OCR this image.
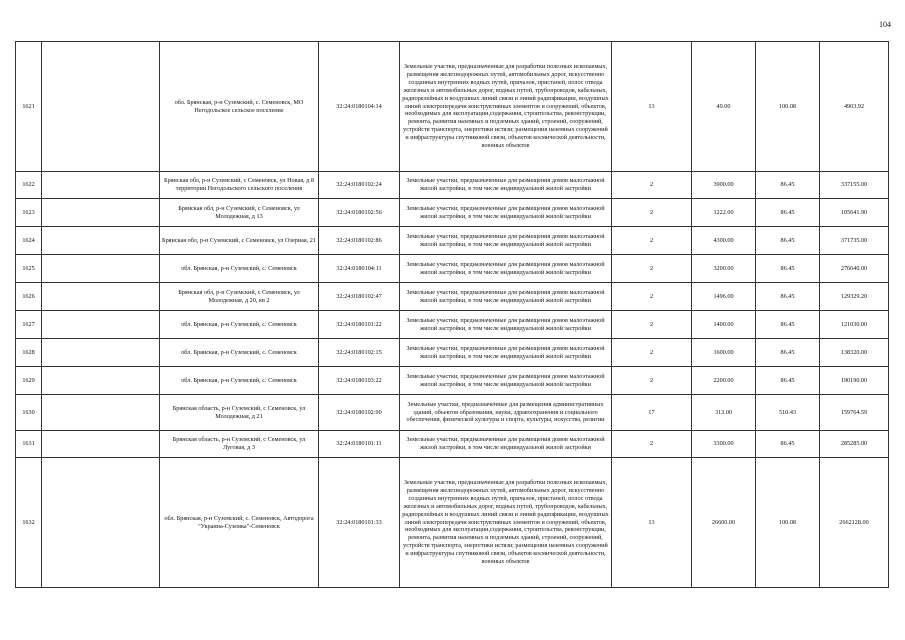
104
1621		обл. Брянская, р-н Суземский, с. Семеновск, МО Негодольское сельское поселение	32:24:0180104:14	Земельные участки, предназначенные для разработки полезных ископаемых, размещения железнодорожных путей, автомобильных дорог, искусственно созданных внутренних водных путей, причалов, пристаней, полос отвода железных и автомобильных дорог, водных путей, трубопроводов, кабельных, радиорелейных и воздушных линий связи и линий радиофикации, воздушных линий электропередачи конструктивных элементов и сооружений, объектов, необходимых для эксплуатации,содержания, строительства, реконструкции, ремонта, развития наземных и подземных зданий, строений, сооружений, устройств транспорта, энергетики истязи; размещения наземных сооружений и инфраструктуры спутниковой связи, объектов космической деятельности, военных объектов	13	49.00	100.08	4903.92
1622		Брянская обл, р-н Суземский, с Семеновск, ул Новая, д 8 территории Негодольского сельского поселения	32:24:0180102:24	Земельные участки, предназначенные для размещения домов малоэтажной жилой застройки, в том числе индивидуальной жилой застройки	2	3900.00	86.45	337155.00
1623		Брянская обл, р-н Суземский, с Семеновск, ул Молодежная, д 13	32:24:0180102:56	Земельные участки, предназначенные для размещения домов малоэтажной жилой застройки, в том числе индивидуальной жилой застройки	2	1222.00	86.45	105641.90
1624		Брянская обл, р-н Суземский, с Семеновск, ул Озерная, 21	32:24:0180102:86	Земельные участки, предназначенные для размещения домов малоэтажной жилой застройки, в том числе индивидуальной жилой застройки	2	4300.00	86.45	371735.00
1625		обл. Брянская, р-н Суземский, с. Семеновск	32:24:0180104:11	Земельные участки, предназначенные для размещения домов малоэтажной жилой застройки, в том числе индивидуальной жилой застройки	2	3200.00	86.45	276640.00
1626		Брянская обл, р-н Суземский, с Семеновск, ул Молодежная, д 20, кв 2	32:24:0180102:47	Земельные участки, предназначенные для размещения домов малоэтажной жилой застройки, в том числе индивидуальной жилой застройки	2	1496.00	86.45	129329.20
1627		обл. Брянская, р-н Суземский, с. Семеновск	32:24:0180101:22	Земельные участки, предназначенные для размещения домов малоэтажной жилой застройки, в том числе индивидуальной жилой застройки	2	1400.00	86.45	121030.00
1628		обл. Брянская, р-н Суземский, с. Семеновск	32:24:0180102:15	Земельные участки, предназначенные для размещения домов малоэтажной жилой застройки, в том числе индивидуальной жилой застройки	2	1600.00	86.45	138320.00
1629		обл. Брянская, р-н Суземский, с. Семеновск	32:24:0180103:22	Земельные участки, предназначенные для размещения домов малоэтажной жилой застройки, в том числе индивидуальной жилой застройки	2	2200.00	86.45	190190.00
1630		Брянская область, р-н Суземский, с Семеновск, ул Молодежная, д 21	32:24:0180102:90	Земельные участки, предназначенные для размещения административных зданий, объектов образования, науки, здравоохранения и социального обеспечения, физической культуры и спорта, культуры, искусства, религии	17	313.00	510.43	159764.59
1631		Брянская область, р-н Суземский, с Семеновск, ул Луговая, д 3	32:24:0180101:11	Земельные участки, предназначенные для размещения домов малоэтажной жилой застройки, в том числе индивидуальной жилой застройки	2	3300.00	86.45	285285.00
1632		обл. Брянская, р-н Суземский, с. Семеновск, Автодорога "Украина-Суземка"-Семеновск	32:24:0180101:33	Земельные участки, предназначенные для разработки полезных ископаемых, размещения железнодорожных путей, автомобильных дорог, искусственно созданных внутренних водных путей, причалов, пристаней, полос отвода железных и автомобильных дорог, водных путей, трубопроводов, кабельных, радиорелейных и воздушных линий связи и линий радиофикации, воздушных линий электропередачи конструктивных элементов и сооружений, объектов, необходимых для эксплуатации,содержания, строительства, реконструкции, ремонта, развития наземных и подземных зданий, строений, сооружений, устройств транспорта, энергетики истязи; размещения наземных сооружений и инфраструктуры спутниковой связи, объектов космической деятельности, военных объектов	13	26600.00	100.08	2662128.00
